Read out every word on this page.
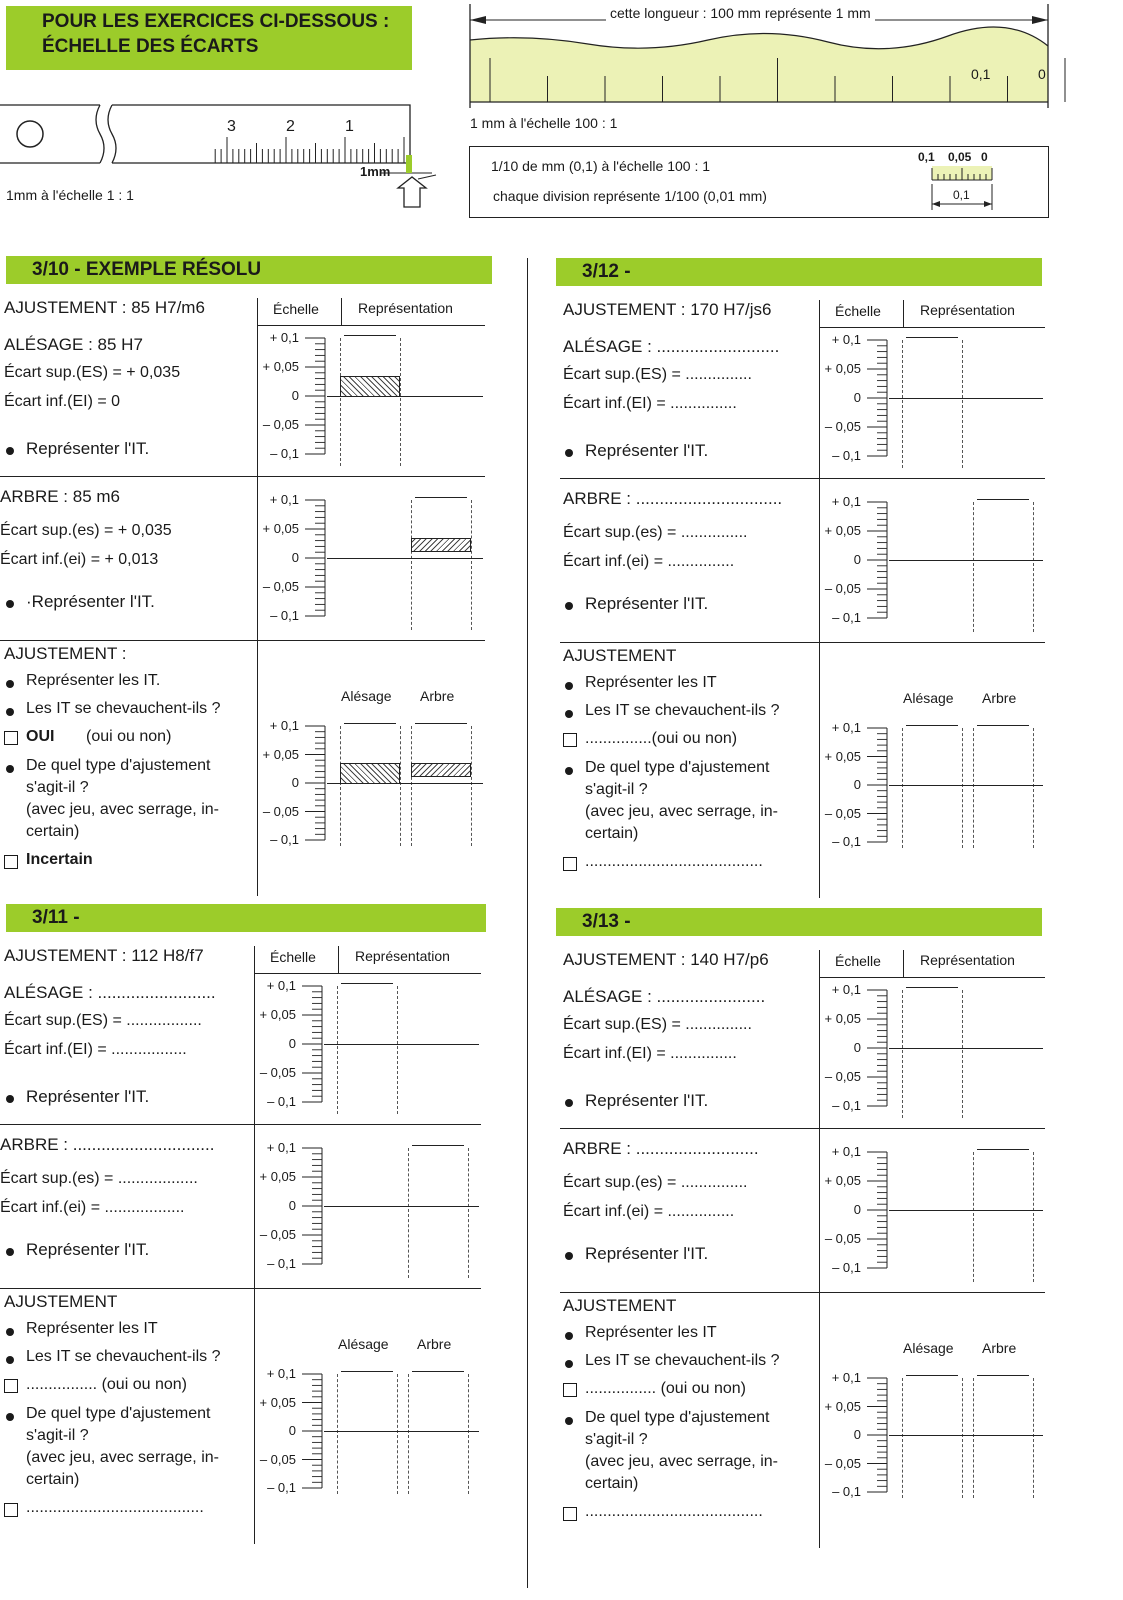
POUR LES EXERCICES CI-DESSOUS :
ÉCHELLE DES ÉCARTS
3	2	1
1mm
1mm à l'échelle 1 : 1
cette longueur : 100 mm représente 1 mm
0,1	0
1 mm à l'échelle 100 : 1
1/10 de mm (0,1) à l'échelle 100 : 1
chaque division représente 1/100 (0,01 mm)
0,1 0,05 0
0,1
3/10 - EXEMPLE RÉSOLU
Échelle	Représentation
AJUSTEMENT : 85 H7/m6
ALÉSAGE : 85 H7
Écart sup.(ES) = + 0,035
Écart inf.(EI) = 0
Représenter l'IT.
+ 0,1
+ 0,05
0
– 0,05
– 0,1
ARBRE : 85 m6
Écart sup.(es) = + 0,035
Écart inf.(ei) = + 0,013
·Représenter l'IT.
+ 0,1
+ 0,05
0
– 0,05
– 0,1
AJUSTEMENT :
Représenter les IT.
Les IT se chevauchent-ils ?
OUI (oui ou non)
De quel type d'ajustement
s'agit-il ?
(avec jeu, avec serrage, in-
certain)
Incertain
Alésage Arbre
+ 0,1
+ 0,05
0
– 0,05
– 0,1
3/11 -
Échelle	Représentation
AJUSTEMENT : 112 H8/f7
ALÉSAGE : .........................
Écart sup.(ES) = .................
Écart inf.(EI) = .................
Représenter l'IT.
+ 0,1
+ 0,05
0
– 0,05
– 0,1
ARBRE : ..............................
Écart sup.(es) = ..................
Écart inf.(ei) = ..................
Représenter l'IT.
+ 0,1
+ 0,05
0
– 0,05
– 0,1
AJUSTEMENT
Représenter les IT
Les IT se chevauchent-ils ?
................ (oui ou non)
De quel type d'ajustement
s'agit-il ?
(avec jeu, avec serrage, in-
certain)
........................................
Alésage Arbre
+ 0,1
+ 0,05
0
– 0,05
– 0,1
3/12 -
Échelle	Représentation
AJUSTEMENT : 170 H7/js6
ALÉSAGE : ..........................
Écart sup.(ES) = ...............
Écart inf.(EI) = ...............
Représenter l'IT.
+ 0,1
+ 0,05
0
– 0,05
– 0,1
ARBRE : ...............................
Écart sup.(es) = ...............
Écart inf.(ei) = ...............
Représenter l'IT.
+ 0,1
+ 0,05
0
– 0,05
– 0,1
AJUSTEMENT
Représenter les IT
Les IT se chevauchent-ils ?
...............(oui ou non)
De quel type d'ajustement
s'agit-il ?
(avec jeu, avec serrage, in-
certain)
........................................
Alésage Arbre
+ 0,1
+ 0,05
0
– 0,05
– 0,1
3/13 -
Échelle	Représentation
AJUSTEMENT : 140 H7/p6
ALÉSAGE : .......................
Écart sup.(ES) = ...............
Écart inf.(EI) = ...............
Représenter l'IT.
+ 0,1
+ 0,05
0
– 0,05
– 0,1
ARBRE : ..........................
Écart sup.(es) = ...............
Écart inf.(ei) = ...............
Représenter l'IT.
+ 0,1
+ 0,05
0
– 0,05
– 0,1
AJUSTEMENT
Représenter les IT
Les IT se chevauchent-ils ?
................ (oui ou non)
De quel type d'ajustement
s'agit-il ?
(avec jeu, avec serrage, in-
certain)
........................................
Alésage Arbre
+ 0,1
+ 0,05
0
– 0,05
– 0,1
